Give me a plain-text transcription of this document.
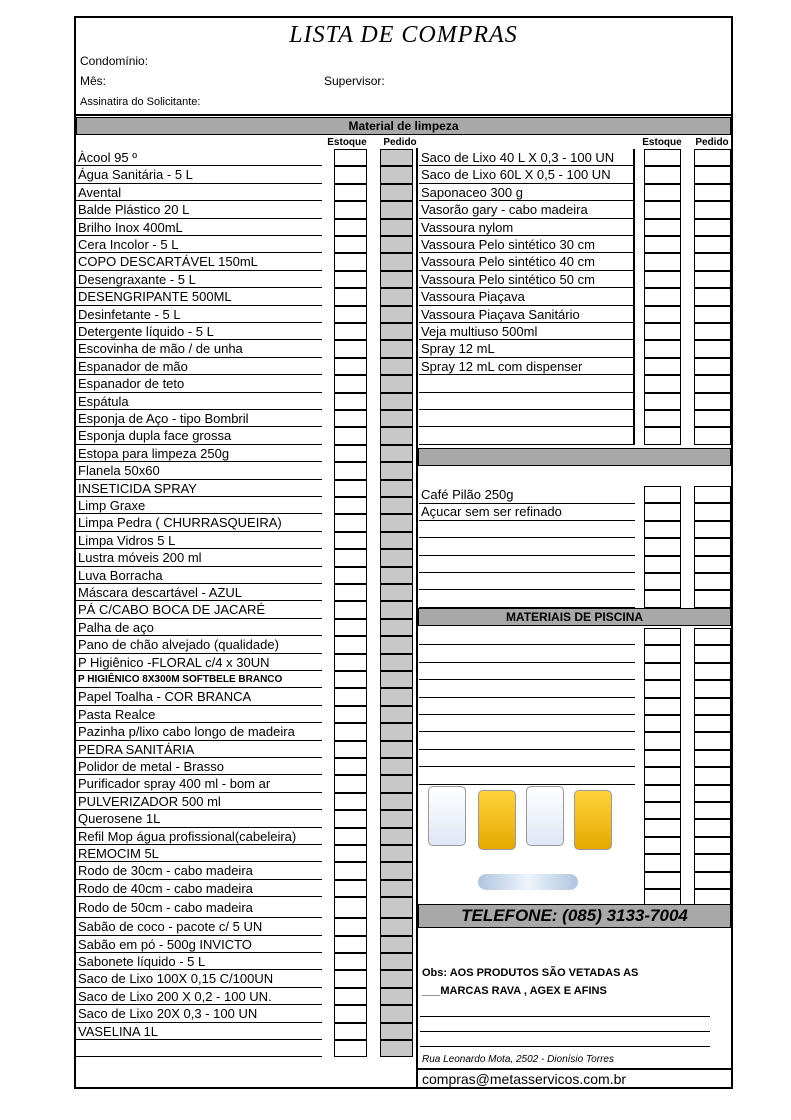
LISTA DE COMPRAS
Condomínio:
Mês:	Supervisor:
Assinatira do Solicitante:
Material de limpeza
Estoque	Pedido	Estoque	Pedido
Àcool 95 º
Água Sanitária - 5 L
Avental
Balde Plástico 20 L
Brilho Inox 400mL
Cera Incolor - 5 L
COPO DESCARTÁVEL 150mL
Desengraxante - 5 L
DESENGRIPANTE 500ML
Desinfetante - 5 L
Detergente líquido - 5 L
Escovinha de mão / de unha
Espanador de mão
Espanador de teto
Espátula
Esponja de Aço - tipo Bombril
Esponja dupla face grossa
Estopa para limpeza 250g
Flanela 50x60
INSETICIDA SPRAY
Limp Graxe
Limpa Pedra ( CHURRASQUEIRA)
Limpa Vidros 5 L
Lustra móveis 200 ml
Luva Borracha
Máscara descartável - AZUL
PÁ C/CABO BOCA DE JACARÉ
Palha de aço
Pano de chão alvejado (qualidade)
P Higiênico -FLORAL c/4 x 30UN
P HIGIÊNICO 8X300M SOFTBELE BRANCO
Papel Toalha - COR BRANCA
Pasta Realce
Pazinha p/lixo cabo longo de madeira
PEDRA SANITÁRIA
Polidor de metal - Brasso
Purificador spray 400 ml - bom ar
PULVERIZADOR 500 ml
Querosene 1L
Refil Mop água profissional(cabeleira)
REMOCIM 5L
Rodo de 30cm - cabo madeira
Rodo de 40cm - cabo madeira
Rodo de 50cm - cabo madeira
Sabão de coco - pacote c/ 5 UN
Sabão em pó - 500g INVICTO
Sabonete líquido - 5 L
Saco de Lixo 100X 0,15 C/100UN
Saco de Lixo 200 X 0,2 - 100 UN.
Saco de Lixo 20X 0,3 - 100 UN
VASELINA 1L
Saco de Lixo 40 L X 0,3 - 100 UN
Saco de Lixo 60L X 0,5 - 100 UN
Saponaceo 300 g
Vasorão gary - cabo madeira
Vassoura nylom
Vassoura Pelo sintético 30 cm
Vassoura Pelo sintético 40 cm
Vassoura Pelo sintético 50 cm
Vassoura Piaçava
Vassoura Piaçava Sanitário
Veja multiuso 500ml
Spray 12 mL
Spray 12 mL com dispenser
Café Pilão 250g
Açucar sem ser refinado
MATERIAIS DE PISCINA
TELEFONE: (085) 3133-7004
Obs: AOS PRODUTOS SÃO VETADAS AS
___MARCAS RAVA , AGEX E AFINS
Rua Leonardo Mota, 2502 - Dionísio Torres
compras@metasservicos.com.br
